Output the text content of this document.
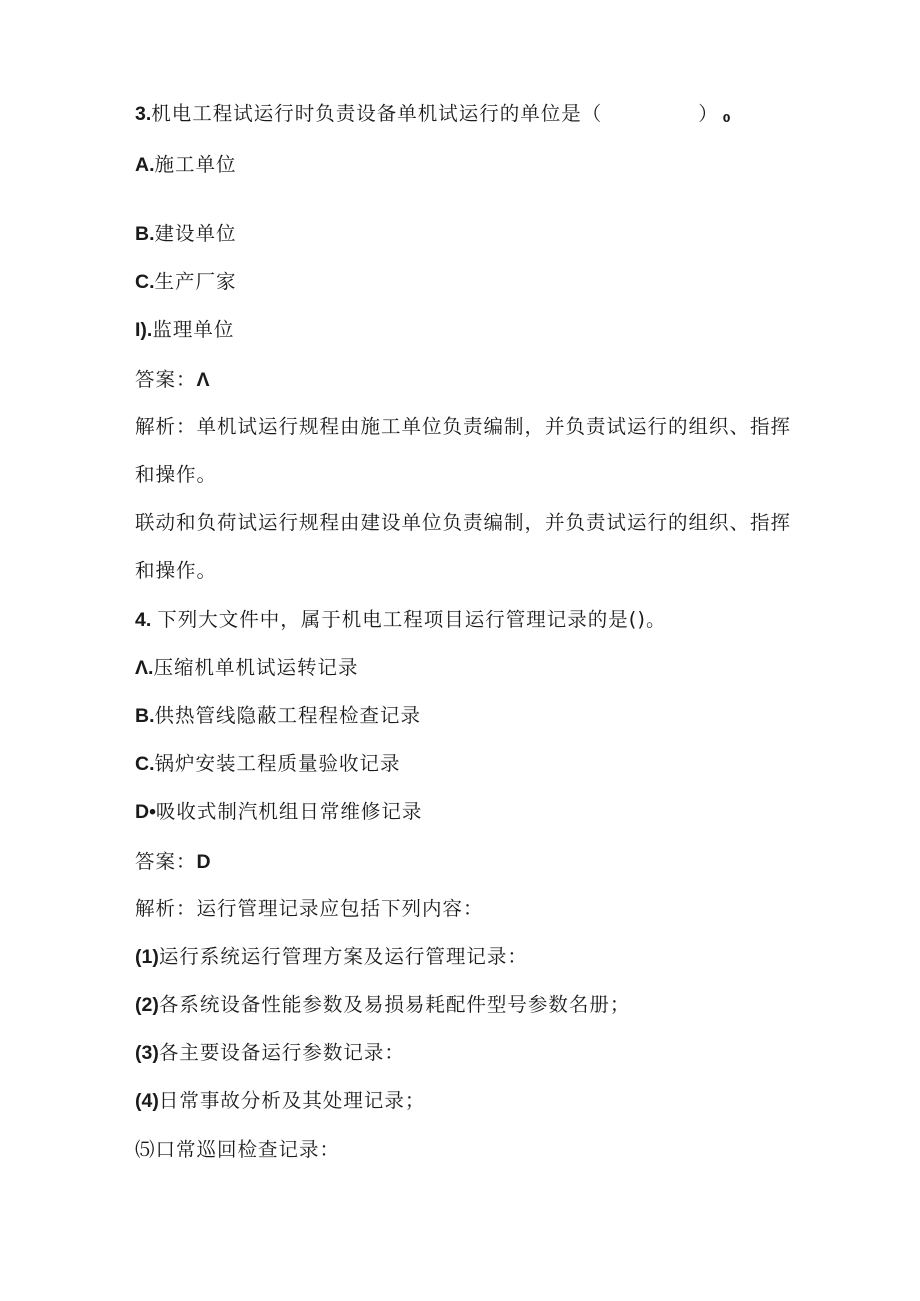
3.机电工程试运行时负责设备单机试运行的单位是（	） 0
A.施工单位
B.建设单位
C.生产厂家
I).监理单位
答案：Λ
解析：单机试运行规程由施工单位负责编制，并负责试运行的组织、指挥
和操作。
联动和负荷试运行规程由建设单位负责编制，并负责试运行的组织、指挥
和操作。
4. 下列大文件中，属于机电工程项目运行管理记录的是()。
Λ.压缩机单机试运转记录
B.供热管线隐蔽工程程检查记录
C.锅炉安装工程质量验收记录
D•吸收式制汽机组日常维修记录
答案：D
解析：运行管理记录应包括下列内容：
(1)运行系统运行管理方案及运行管理记录：
(2)各系统设备性能参数及易损易耗配件型号参数名册；
(3)各主要设备运行参数记录：
(4)日常事故分析及其处理记录；
⑸口常巡回检查记录：
